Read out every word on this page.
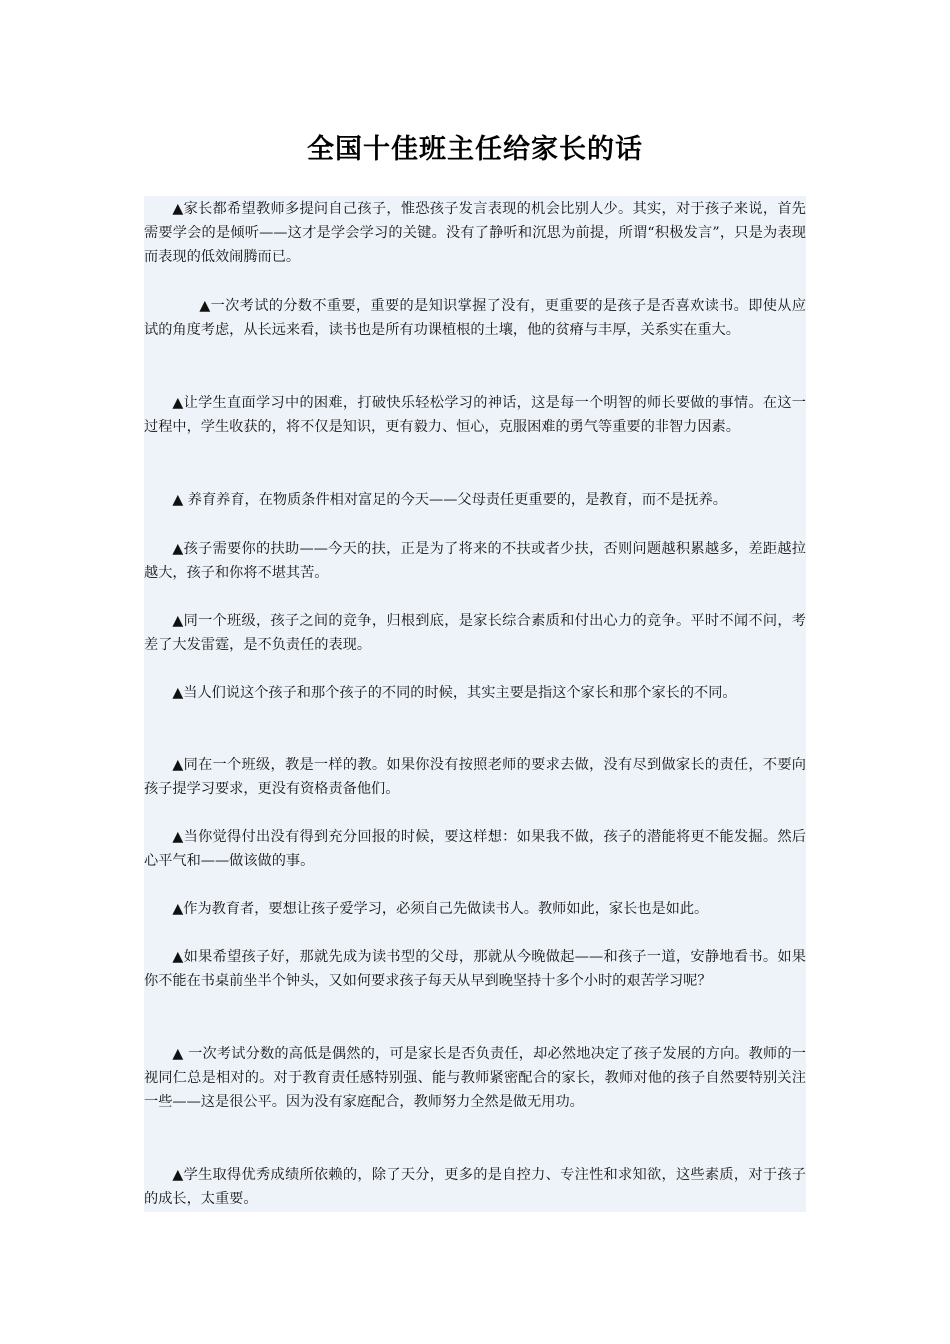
全国十佳班主任给家长的话

▲家长都希望教师多提问自己孩子，惟恐孩子发言表现的机会比别人少。其实，对于孩子来说，首先需要学会的是倾听——这才是学会学习的关键。没有了静听和沉思为前提，所谓“积极发言”，只是为表现而表现的低效闹腾而已。

▲一次考试的分数不重要，重要的是知识掌握了没有，更重要的是孩子是否喜欢读书。即使从应试的角度考虑，从长远来看，读书也是所有功课植根的土壤，他的贫瘠与丰厚，关系实在重大。

▲让学生直面学习中的困难，打破快乐轻松学习的神话，这是每一个明智的师长要做的事情。在这一过程中，学生收获的，将不仅是知识，更有毅力、恒心，克服困难的勇气等重要的非智力因素。

▲ 养育养育，在物质条件相对富足的今天——父母责任更重要的，是教育，而不是抚养。

▲孩子需要你的扶助——今天的扶，正是为了将来的不扶或者少扶，否则问题越积累越多，差距越拉越大，孩子和你将不堪其苦。

▲同一个班级，孩子之间的竞争，归根到底，是家长综合素质和付出心力的竞争。平时不闻不问，考差了大发雷霆，是不负责任的表现。

▲当人们说这个孩子和那个孩子的不同的时候，其实主要是指这个家长和那个家长的不同。

▲同在一个班级，教是一样的教。如果你没有按照老师的要求去做，没有尽到做家长的责任，不要向孩子提学习要求，更没有资格责备他们。

▲当你觉得付出没有得到充分回报的时候，要这样想：如果我不做，孩子的潜能将更不能发掘。然后心平气和——做该做的事。

▲作为教育者，要想让孩子爱学习，必须自己先做读书人。教师如此，家长也是如此。

▲如果希望孩子好，那就先成为读书型的父母，那就从今晚做起——和孩子一道，安静地看书。如果你不能在书桌前坐半个钟头，又如何要求孩子每天从早到晚坚持十多个小时的艰苦学习呢？

▲ 一次考试分数的高低是偶然的，可是家长是否负责任，却必然地决定了孩子发展的方向。教师的一视同仁总是相对的。对于教育责任感特别强、能与教师紧密配合的家长，教师对他的孩子自然要特别关注一些——这是很公平。因为没有家庭配合，教师努力全然是做无用功。

▲学生取得优秀成绩所依赖的，除了天分，更多的是自控力、专注性和求知欲，这些素质，对于孩子的成长，太重要。
